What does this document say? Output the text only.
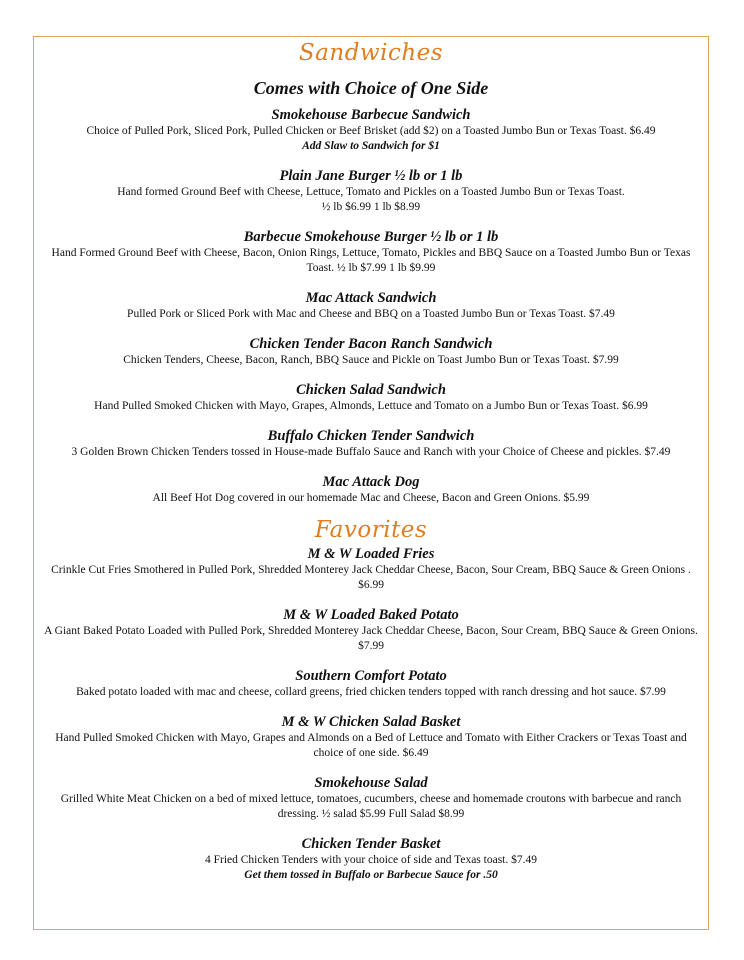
Sandwiches
Comes with Choice of One Side
Smokehouse Barbecue Sandwich
Choice of Pulled Pork, Sliced Pork, Pulled Chicken or Beef Brisket (add $2) on a Toasted Jumbo Bun or Texas Toast. $6.49
Add Slaw to Sandwich for $1
Plain Jane Burger ½ lb or 1 lb
Hand formed Ground Beef with Cheese, Lettuce, Tomato and Pickles on a Toasted Jumbo Bun or Texas Toast.
½ lb $6.99 1 lb $8.99
Barbecue Smokehouse Burger ½ lb or 1 lb
Hand Formed Ground Beef with Cheese, Bacon, Onion Rings, Lettuce, Tomato, Pickles and BBQ Sauce on a Toasted Jumbo Bun or Texas Toast. ½ lb $7.99 1 lb $9.99
Mac Attack Sandwich
Pulled Pork or Sliced Pork with Mac and Cheese and BBQ on a Toasted Jumbo Bun or Texas Toast. $7.49
Chicken Tender Bacon Ranch Sandwich
Chicken Tenders, Cheese, Bacon, Ranch, BBQ Sauce and Pickle on Toast Jumbo Bun or Texas Toast. $7.99
Chicken Salad Sandwich
Hand Pulled Smoked Chicken with Mayo, Grapes, Almonds, Lettuce and Tomato on a Jumbo Bun or Texas Toast. $6.99
Buffalo Chicken Tender Sandwich
3 Golden Brown Chicken Tenders tossed in House-made Buffalo Sauce and Ranch with your Choice of Cheese and pickles. $7.49
Mac Attack Dog
All Beef Hot Dog covered in our homemade Mac and Cheese, Bacon and Green Onions. $5.99
Favorites
M & W Loaded Fries
Crinkle Cut Fries Smothered in Pulled Pork, Shredded Monterey Jack Cheddar Cheese, Bacon, Sour Cream, BBQ Sauce & Green Onions . $6.99
M & W Loaded Baked Potato
A Giant Baked Potato Loaded with Pulled Pork, Shredded Monterey Jack Cheddar Cheese, Bacon, Sour Cream, BBQ Sauce & Green Onions. $7.99
Southern Comfort Potato
Baked potato loaded with mac and cheese, collard greens, fried chicken tenders topped with ranch dressing and hot sauce. $7.99
M & W Chicken Salad Basket
Hand Pulled Smoked Chicken with Mayo, Grapes and Almonds on a Bed of Lettuce and Tomato with Either Crackers or Texas Toast and choice of one side. $6.49
Smokehouse Salad
Grilled White Meat Chicken on a bed of mixed lettuce, tomatoes, cucumbers, cheese and homemade croutons with barbecue and ranch dressing. ½ salad $5.99 Full Salad $8.99
Chicken Tender Basket
4 Fried Chicken Tenders with your choice of side and Texas toast. $7.49
Get them tossed in Buffalo or Barbecue Sauce for .50
